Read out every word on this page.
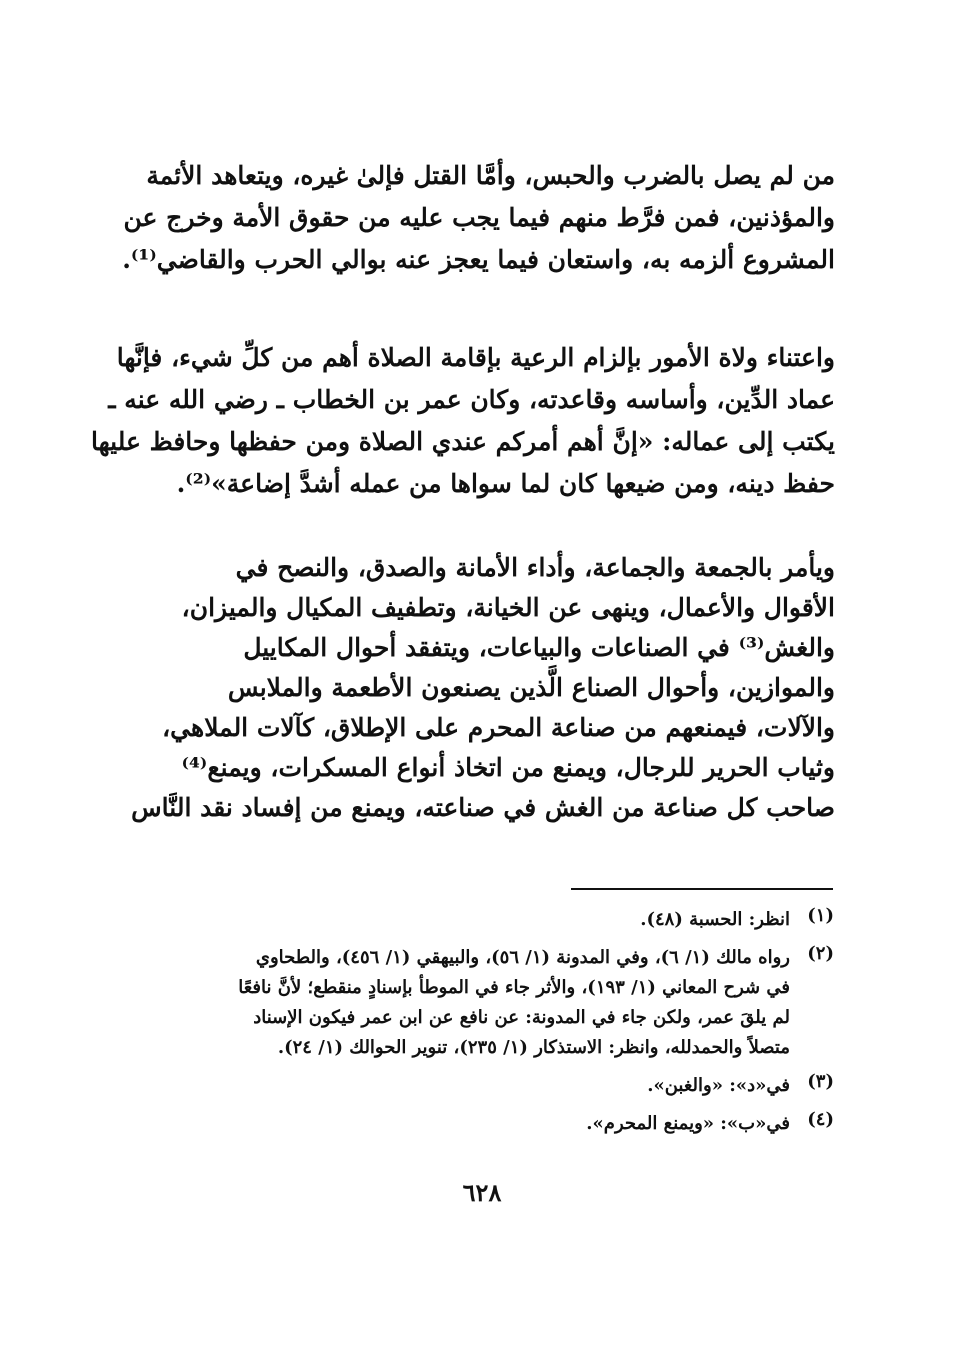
من لم يصل بالضرب والحبس، وأمَّا القتل فإلىٰ غيره، ويتعاهد الأئمة
والمؤذنين، فمن فرَّط منهم فيما يجب عليه من حقوق الأمة وخرج عن
المشروع ألزمه به، واستعان فيما يعجز عنه بوالي الحرب والقاضي⁽¹⁾.
واعتناء ولاة الأمور بإلزام الرعية بإقامة الصلاة أهم من كلِّ شيء، فإنَّها
عماد الدِّين، وأساسه وقاعدته، وكان عمر بن الخطاب ـ رضي الله عنه ـ
يكتب إلى عماله: «إنَّ أهم أمركم عندي الصلاة ومن حفظها وحافظ عليها
حفظ دينه، ومن ضيعها كان لما سواها من عمله أشدَّ إضاعة»⁽²⁾.
ويأمر بالجمعة والجماعة، وأداء الأمانة والصدق، والنصح في
الأقوال والأعمال، وينهى عن الخيانة، وتطفيف المكيال والميزان،
والغش⁽³⁾ في الصناعات والبياعات، ويتفقد أحوال المكاييل
والموازين، وأحوال الصناع الَّذين يصنعون الأطعمة والملابس
والآلات، فيمنعهم من صناعة المحرم على الإطلاق، كآلات الملاهي،
وثياب الحرير للرجال، ويمنع من اتخاذ أنواع المسكرات، ويمنع⁽⁴⁾
صاحب كل صناعة من الغش في صناعته، ويمنع من إفساد نقد النَّاس
(١)
انظر: الحسبة (٤٨).
(٢)
رواه مالك (١/ ٦)، وفي المدونة (١/ ٥٦)، والبيهقي (١/ ٤٥٦)، والطحاوي
في شرح المعاني (١/ ١٩٣)، والأثر جاء في الموطأ بإسنادٍ منقطع؛ لأنَّ نافعًا
لم يلقَ عمر، ولكن جاء في المدونة: عن نافع عن ابن عمر فيكون الإسناد
متصلاً والحمدلله، وانظر: الاستذكار (١/ ٢٣٥)، تنوير الحوالك (١/ ٢٤).
(٣)
في«د»: «والغبن».
(٤)
في«ب»: «ويمنع المحرم».
٦٢٨
